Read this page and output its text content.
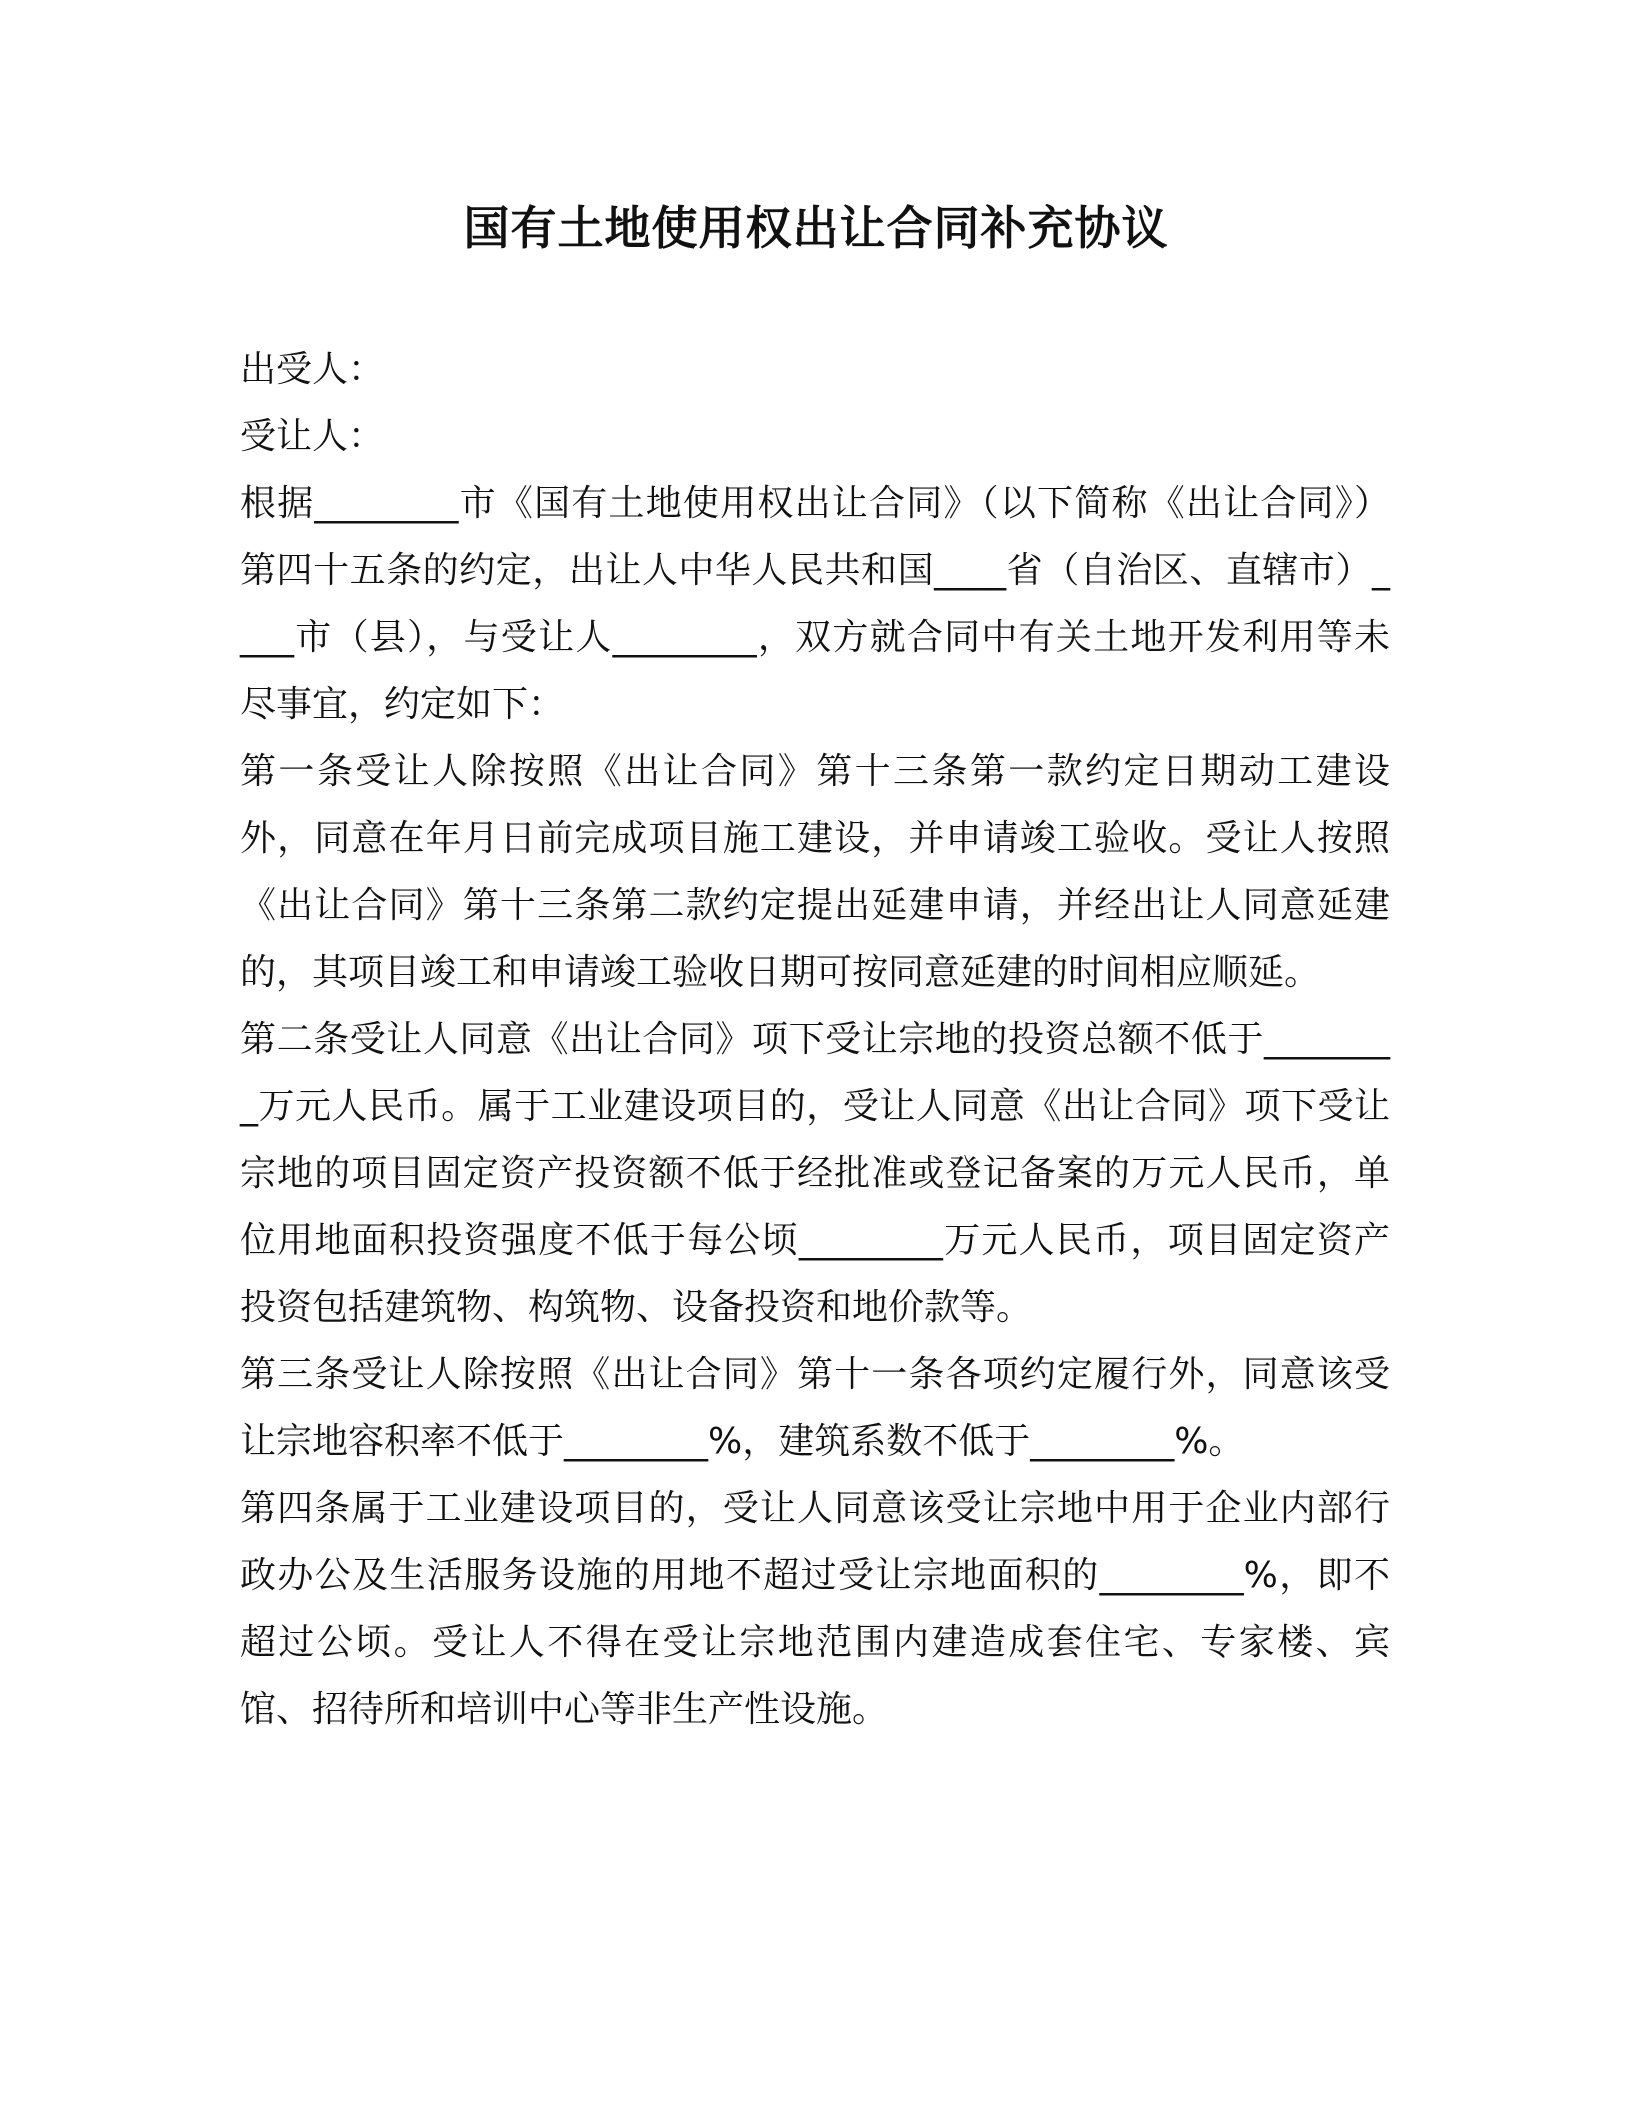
国有土地使用权出让合同补充协议

出受人：

受让人：

根据________市《国有土地使用权出让合同》（以下简称《出让合同》）第四十五条的约定，出让人中华人民共和国____省（自治区、直辖市）____市（县），与受让人________，双方就合同中有关土地开发利用等未尽事宜，约定如下：

第一条受让人除按照《出让合同》第十三条第一款约定日期动工建设外，同意在年月日前完成项目施工建设，并申请竣工验收。受让人按照《出让合同》第十三条第二款约定提出延建申请，并经出让人同意延建的，其项目竣工和申请竣工验收日期可按同意延建的时间相应顺延。

第二条受让人同意《出让合同》项下受让宗地的投资总额不低于________万元人民币。属于工业建设项目的，受让人同意《出让合同》项下受让宗地的项目固定资产投资额不低于经批准或登记备案的万元人民币，单位用地面积投资强度不低于每公顷________万元人民币，项目固定资产投资包括建筑物、构筑物、设备投资和地价款等。

第三条受让人除按照《出让合同》第十一条各项约定履行外，同意该受让宗地容积率不低于________%，建筑系数不低于________%。

第四条属于工业建设项目的，受让人同意该受让宗地中用于企业内部行政办公及生活服务设施的用地不超过受让宗地面积的________%，即不超过公顷。受让人不得在受让宗地范围内建造成套住宅、专家楼、宾馆、招待所和培训中心等非生产性设施。
